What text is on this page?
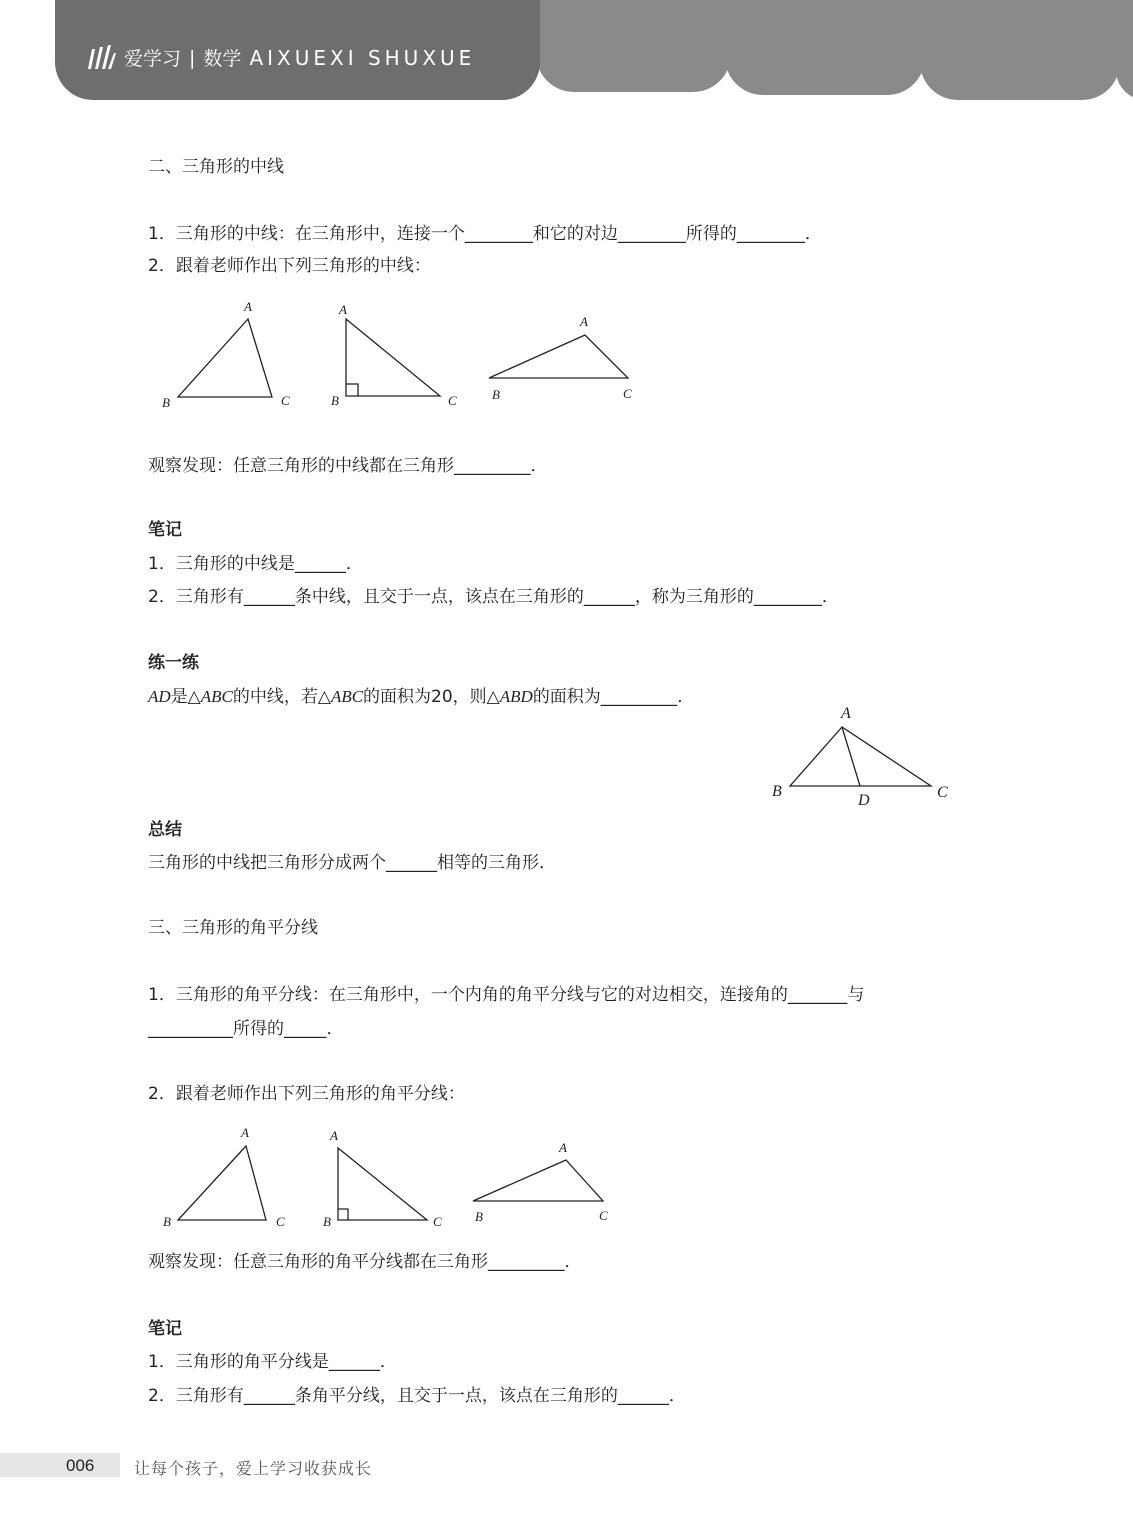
爱学习 | 数学 AIXUEXI SHUXUE
二、三角形的中线
1．三角形的中线：在三角形中，连接一个________和它的对边________所得的________．
2．跟着老师作出下列三角形的中线：
A
B	C
A
B	C
A
B	C
观察发现：任意三角形的中线都在三角形_________．
笔记
1．三角形的中线是______．
2．三角形有______条中线，且交于一点，该点在三角形的______，称为三角形的________．
练一练
AD是△ABC的中线，若△ABC的面积为20，则△ABD的面积为_________．
A
B	C
D
总结
三角形的中线把三角形分成两个______相等的三角形．
三、三角形的角平分线
1．三角形的角平分线：在三角形中，一个内角的角平分线与它的对边相交，连接角的_______与
__________所得的_____．
2．跟着老师作出下列三角形的角平分线：
A
B	C
A
B	C
A
B	C
观察发现：任意三角形的角平分线都在三角形_________．
笔记
1．三角形的角平分线是______．
2．三角形有______条角平分线，且交于一点，该点在三角形的______．
006 让每个孩子，爱上学习收获成长
